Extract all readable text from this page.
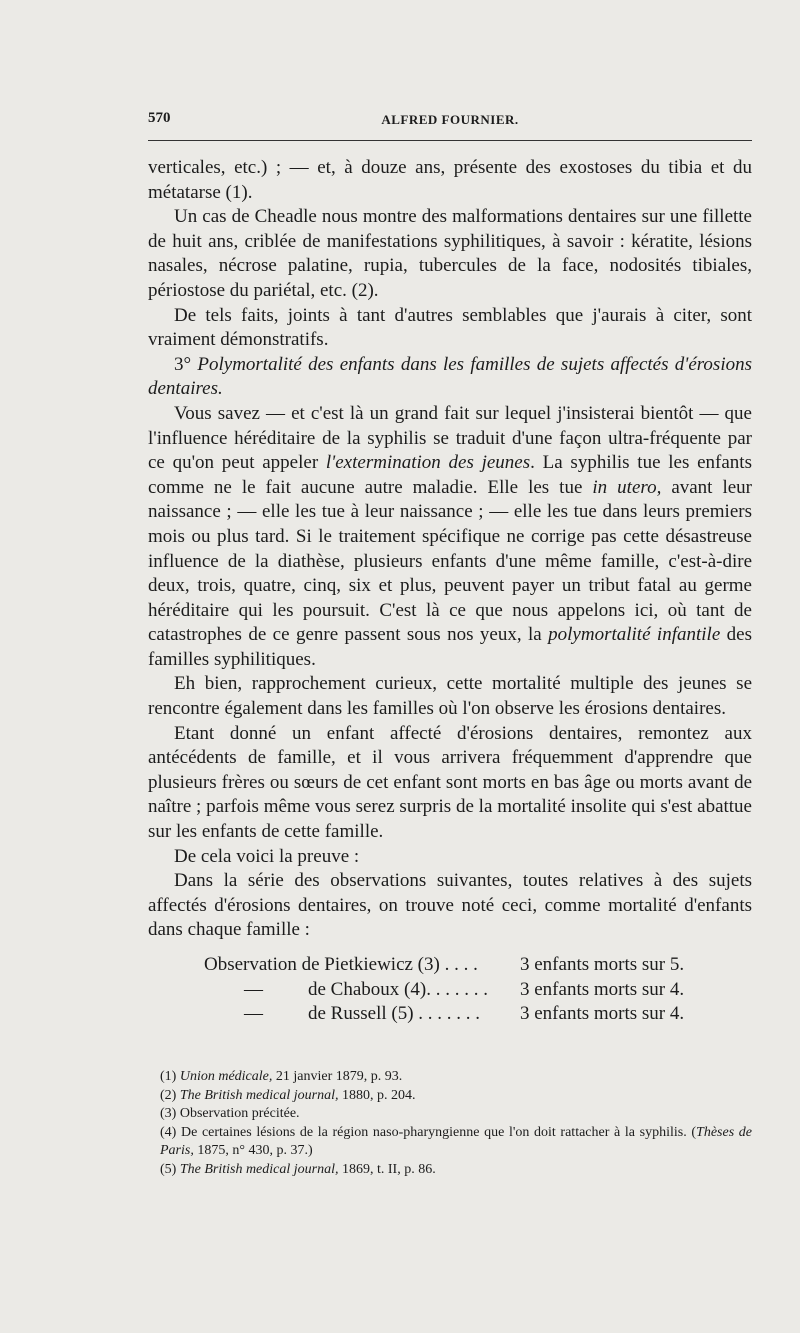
570	ALFRED FOURNIER.

verticales, etc.) ; — et, à douze ans, présente des exostoses du tibia et du métatarse (1).

Un cas de Cheadle nous montre des malformations dentaires sur une fillette de huit ans, criblée de manifestations syphilitiques, à savoir : kératite, lésions nasales, nécrose palatine, rupia, tubercules de la face, nodosités tibiales, périostose du pariétal, etc. (2).

De tels faits, joints à tant d'autres semblables que j'aurais à citer, sont vraiment démonstratifs.

3° Polymortalité des enfants dans les familles de sujets affectés d'érosions dentaires.

Vous savez — et c'est là un grand fait sur lequel j'insisterai bientôt — que l'influence héréditaire de la syphilis se traduit d'une façon ultra-fréquente par ce qu'on peut appeler l'extermination des jeunes. La syphilis tue les enfants comme ne le fait aucune autre maladie. Elle les tue in utero, avant leur naissance ; — elle les tue à leur naissance ; — elle les tue dans leurs premiers mois ou plus tard. Si le traitement spécifique ne corrige pas cette désastreuse influence de la diathèse, plusieurs enfants d'une même famille, c'est-à-dire deux, trois, quatre, cinq, six et plus, peuvent payer un tribut fatal au germe héréditaire qui les poursuit. C'est là ce que nous appelons ici, où tant de catastrophes de ce genre passent sous nos yeux, la polymortalité infantile des familles syphilitiques.

Eh bien, rapprochement curieux, cette mortalité multiple des jeunes se rencontre également dans les familles où l'on observe les érosions dentaires.

Etant donné un enfant affecté d'érosions dentaires, remontez aux antécédents de famille, et il vous arrivera fréquemment d'apprendre que plusieurs frères ou sœurs de cet enfant sont morts en bas âge ou morts avant de naître ; parfois même vous serez surpris de la mortalité insolite qui s'est abattue sur les enfants de cette famille.

De cela voici la preuve :

Dans la série des observations suivantes, toutes relatives à des sujets affectés d'érosions dentaires, on trouve noté ceci, comme mortalité d'enfants dans chaque famille :

Observation de Pietkiewicz (3) . . . .	3 enfants morts sur 5.
— de Chaboux (4). . . . . . . 3 enfants morts sur 4.
— de Russell (5) . . . . . . . 3 enfants morts sur 4.
(1) Union médicale, 21 janvier 1879, p. 93.
(2) The British medical journal, 1880, p. 204.
(3) Observation précitée.
(4) De certaines lésions de la région naso-pharyngienne que l'on doit rattacher à la syphilis. (Thèses de Paris, 1875, n° 430, p. 37.)
(5) The British medical journal, 1869, t. II, p. 86.
